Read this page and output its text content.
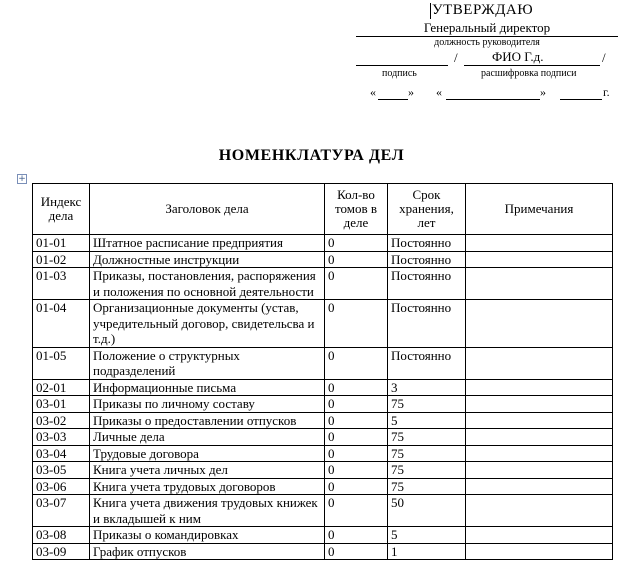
УТВЕРЖДАЮ
Генеральный директор
должность руководителя
/	ФИО Г.д.	/
подпись	расшифровка подписи
«	» «	»	г.
НОМЕНКЛАТУРА ДЕЛ
+
Индекс дела	Заголовок дела	Кол-во томов в деле	Срок хранения, лет	Примечания
01-01	Штатное расписание предприятия	0	Постоянно	
01-02	Должностные инструкции	0	Постоянно	
01-03	Приказы, постановления, распоряжения и положения по основной деятельности	0	Постоянно	
01-04	Организационные документы (устав, учредительный договор, свидетельсва и т.д.)	0	Постоянно	
01-05	Положение о структурных подразделений	0	Постоянно	
02-01	Информационные письма	0	3	
03-01	Приказы по личному составу	0	75	
03-02	Приказы о предоставлении отпусков	0	5	
03-03	Личные дела	0	75	
03-04	Трудовые договора	0	75	
03-05	Книга учета личных дел	0	75	
03-06	Книга учета трудовых договоров	0	75	
03-07	Книга учета движения трудовых книжек и вкладышей к ним	0	50	
03-08	Приказы о командировках	0	5	
03-09	График отпусков	0	1	
